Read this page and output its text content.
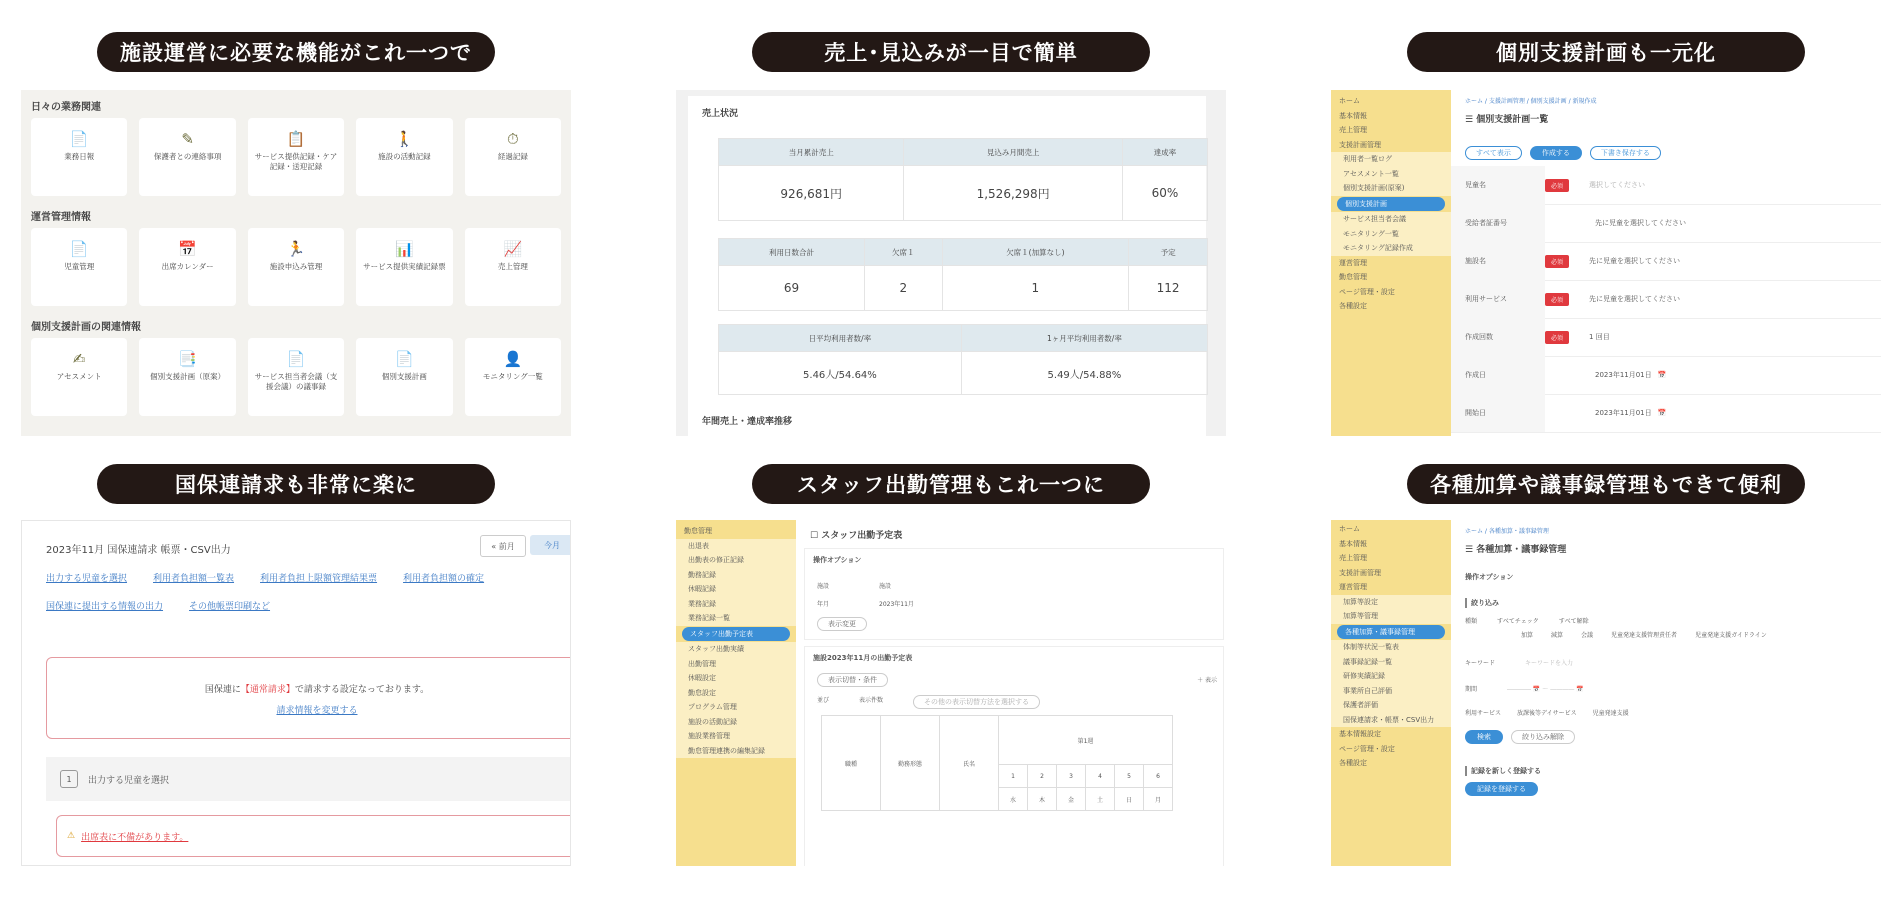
施設運営に必要な機能がこれ一つで
日々の業務関連
📄
業務日報
✎
保護者との連絡事項
📋
サービス提供記録・ケア記録・送迎記録
🚶
施設の活動記録
⏱
経過記録
運営管理情報
📄
児童管理
📅
出席カレンダー
🏃
施設申込み管理
📊
サービス提供実績記録票
📈
売上管理
個別支援計画の関連情報
✍
アセスメント
📑
個別支援計画（原案）
📄
サービス担当者会議（支援会議）の議事録
📄
個別支援計画
👤
モニタリング一覧
売上･見込みが一目で簡単
売上状況
当月累計売上	見込み月間売上	達成率
926,681円	1,526,298円	60%
利用日数合計	欠席１	欠席１(加算なし)	予定
69	2	1	112
日平均利用者数/率	1ヶ月平均利用者数/率
5.46人/54.64%	5.49人/54.88%
年間売上・達成率推移
個別支援計画も一元化
ホーム
基本情報
売上管理
支援計画管理
利用者一覧ログ
アセスメント一覧
個別支援計画(原案)
個別支援計画
サービス担当者会議
モニタリング一覧
モニタリング記録作成
運営管理
勤怠管理
ページ管理・設定
各種設定
ホーム / 支援計画管理 / 個別支援計画 / 新規作成
☰ 個別支援計画一覧
すべて表示	作成する	下書き保存する
児童名	必須	選択してください
受給者証番号	先に児童を選択してください
施設名	必須	先に児童を選択してください
利用サービス	必須	先に児童を選択してください
作成回数	必須	1 回目
作成日	2023年11月01日 📅
開始日	2023年11月01日 📅
国保連請求も非常に楽に
2023年11月 国保連請求 帳票・CSV出力	« 前月	今月
出力する児童を選択	利用者負担額一覧表	利用者負担上限額管理結果票	利用者負担額の確定
国保連に提出する情報の出力	その他帳票印刷など
国保連に【通常請求】で請求する設定なっております。
請求情報を変更する
1	出力する児童を選択
⚠ 出席表に不備があります。
スタッフ出勤管理もこれ一つに
勤怠管理
出退表
出勤表の修正記録
勤務記録
休暇記録
業務記録
業務記録一覧
スタッフ出勤予定表
スタッフ出勤実績
出勤管理
休暇設定
勤怠設定
プログラム管理
施設の活動記録
施設業務管理
勤怠管理連携の編集記録
☐ スタッフ出勤予定表
操作オプション
施設	施設
年月	2023年11月
表示変更
施設2023年11月の出勤予定表
表示切替・条件	＋ 表示
並び	表示件数	その他の表示切替方法を選択する
職種	勤務形態	氏名	第1週					
			1	2	3	4	5	6
			水	木	金	土	日	月
各種加算や議事録管理もできて便利
ホーム
基本情報
売上管理
支援計画管理
運営管理
加算等設定
加算等管理
各種加算・議事録管理
体制等状況一覧表
議事録記録一覧
研修実績記録
事業所自己評価
保護者評価
国保連請求・帳票・CSV出力
基本情報設定
ページ管理・設定
各種設定
ホーム / 各種加算・議事録管理
☰ 各種加算・議事録管理
操作オプション
絞り込み
種類	すべてチェック	すべて解除
加算	減算	会議	児童発達支援管理責任者	児童発達支援ガイドライン
キーワード	キーワードを入力
期間	―――― 📅 ～ ―――― 📅
利用サービス	放課後等デイサービス	児童発達支援
検索	絞り込み解除
記録を新しく登録する
記録を登録する
